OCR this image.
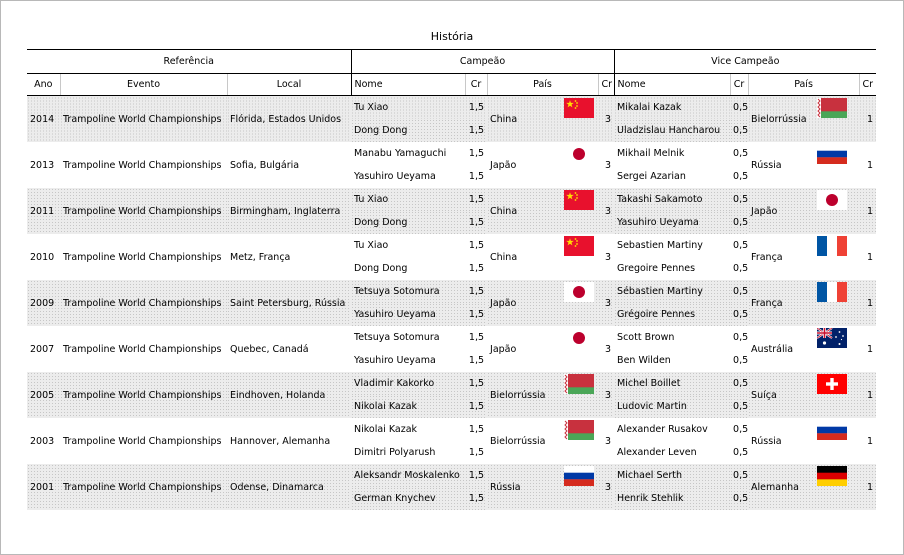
História
Referência			Campeão				Vice Campeão			
Ano	Evento	Local	Nome	Cr	País	Cr	Nome	Cr	País	Cr
2014	Trampoline World Championships	Flórida, Estados Unidos	Tu Xiao	1,5	China	3	Mikalai Kazak	0,5	Bielorrússia	1
			Dong Dong	1,5			Uladzislau Hancharou	0,5		
2013	Trampoline World Championships	Sofia, Bulgária	Manabu Yamaguchi	1,5	Japão	3	Mikhail Melnik	0,5	Rússia	1
			Yasuhiro Ueyama	1,5			Sergei Azarian	0,5		
2011	Trampoline World Championships	Birmingham, Inglaterra	Tu Xiao	1,5	China	3	Takashi Sakamoto	0,5	Japão	1
			Dong Dong	1,5			Yasuhiro Ueyama	0,5		
2010	Trampoline World Championships	Metz, França	Tu Xiao	1,5	China	3	Sebastien Martiny	0,5	França	1
			Dong Dong	1,5			Gregoire Pennes	0,5		
2009	Trampoline World Championships	Saint Petersburg, Rússia	Tetsuya Sotomura	1,5	Japão	3	Sébastien Martiny	0,5	França	1
			Yasuhiro Ueyama	1,5			Grégoire Pennes	0,5		
2007	Trampoline World Championships	Quebec, Canadá	Tetsuya Sotomura	1,5	Japão	3	Scott Brown	0,5	Austrália	1
			Yasuhiro Ueyama	1,5			Ben Wilden	0,5		
2005	Trampoline World Championships	Eindhoven, Holanda	Vladimir Kakorko	1,5	Bielorrússia	3	Michel Boillet	0,5	Suíça	1
			Nikolai Kazak	1,5			Ludovic Martin	0,5		
2003	Trampoline World Championships	Hannover, Alemanha	Nikolai Kazak	1,5	Bielorrússia	3	Alexander Rusakov	0,5	Rússia	1
			Dimitri Polyarush	1,5			Alexander Leven	0,5		
2001	Trampoline World Championships	Odense, Dinamarca	Aleksandr Moskalenko	1,5	Rússia	3	Michael Serth	0,5	Alemanha	1
			German Knychev	1,5			Henrik Stehlik	0,5		
